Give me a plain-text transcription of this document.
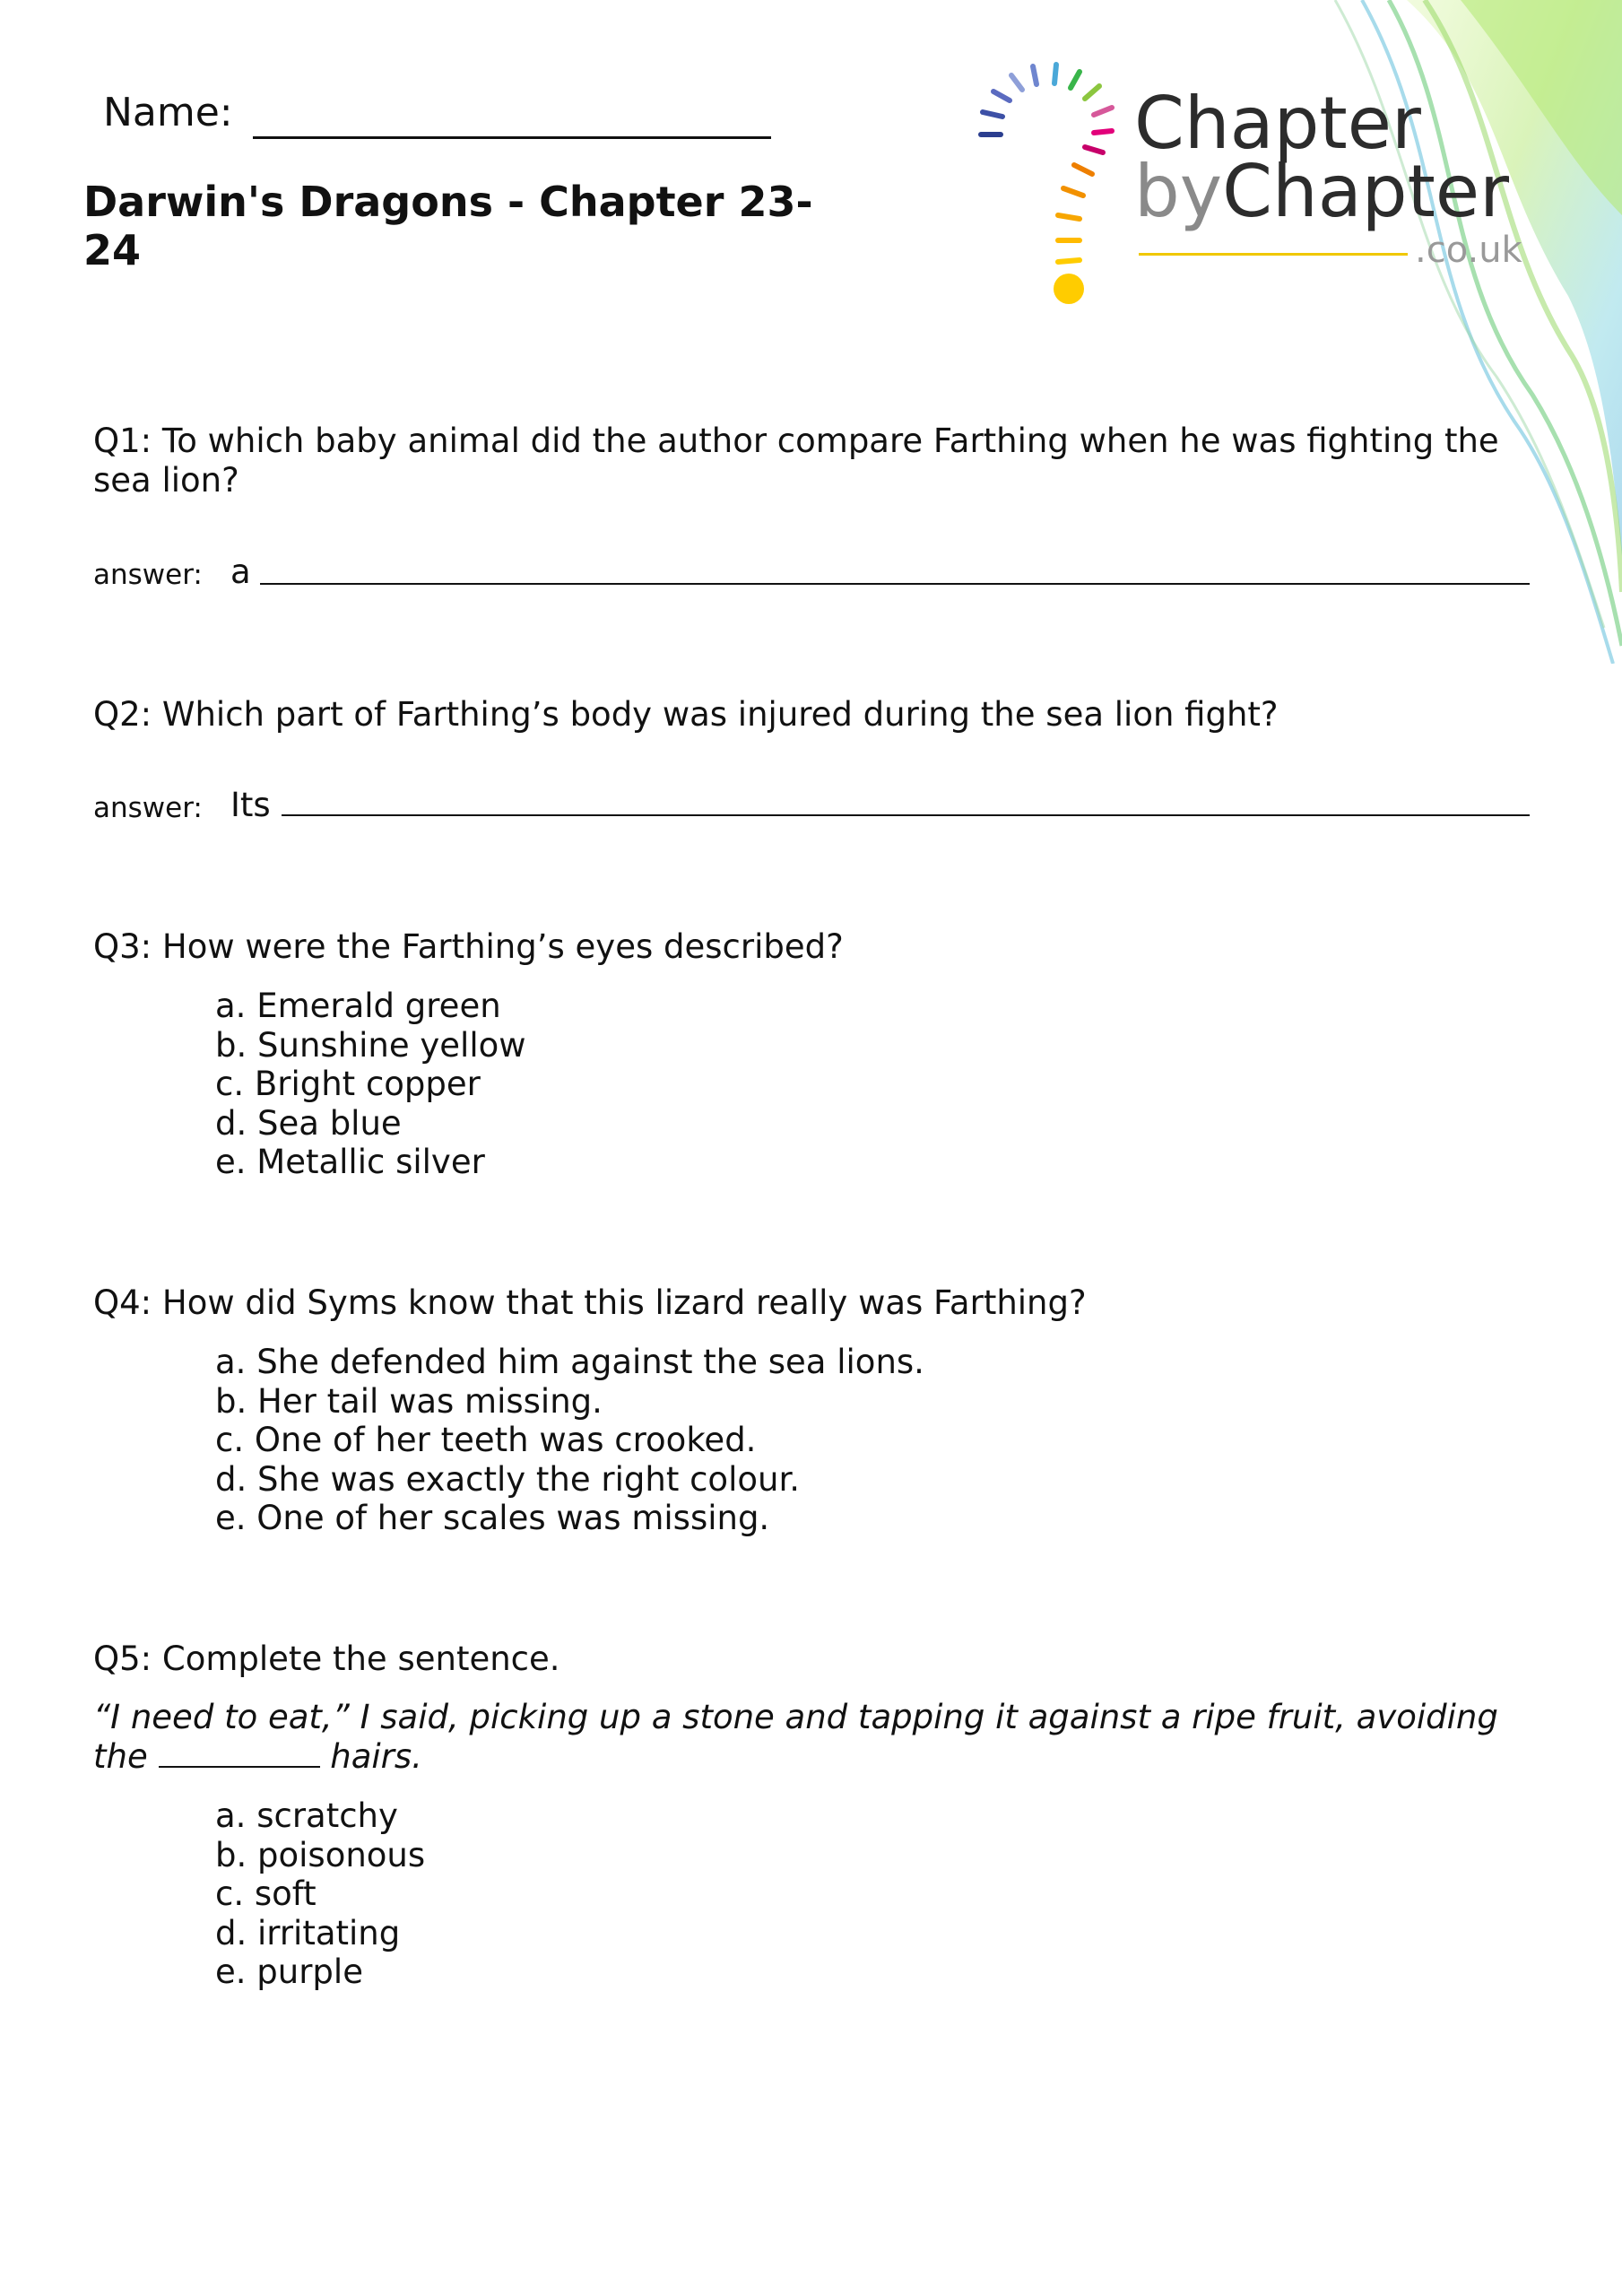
Name:
Darwin's Dragons - Chapter 23-24
Chapter
byChapter
.co.uk
Q1: To which baby animal did the author compare Farthing when he was fighting the sea lion?
answer: a
Q2: Which part of Farthing’s body was injured during the sea lion fight?
answer: Its
Q3: How were the Farthing’s eyes described?
a. Emerald green
b. Sunshine yellow
c. Bright copper
d. Sea blue
e. Metallic silver
Q4: How did Syms know that this lizard really was Farthing?
a. She defended him against the sea lions.
b. Her tail was missing.
c. One of her teeth was crooked.
d. She was exactly the right colour.
e. One of her scales was missing.
Q5: Complete the sentence.
“I need to eat,” I said, picking up a stone and tapping it against a ripe fruit, avoiding
the	hairs.
a. scratchy
b. poisonous
c. soft
d. irritating
e. purple
